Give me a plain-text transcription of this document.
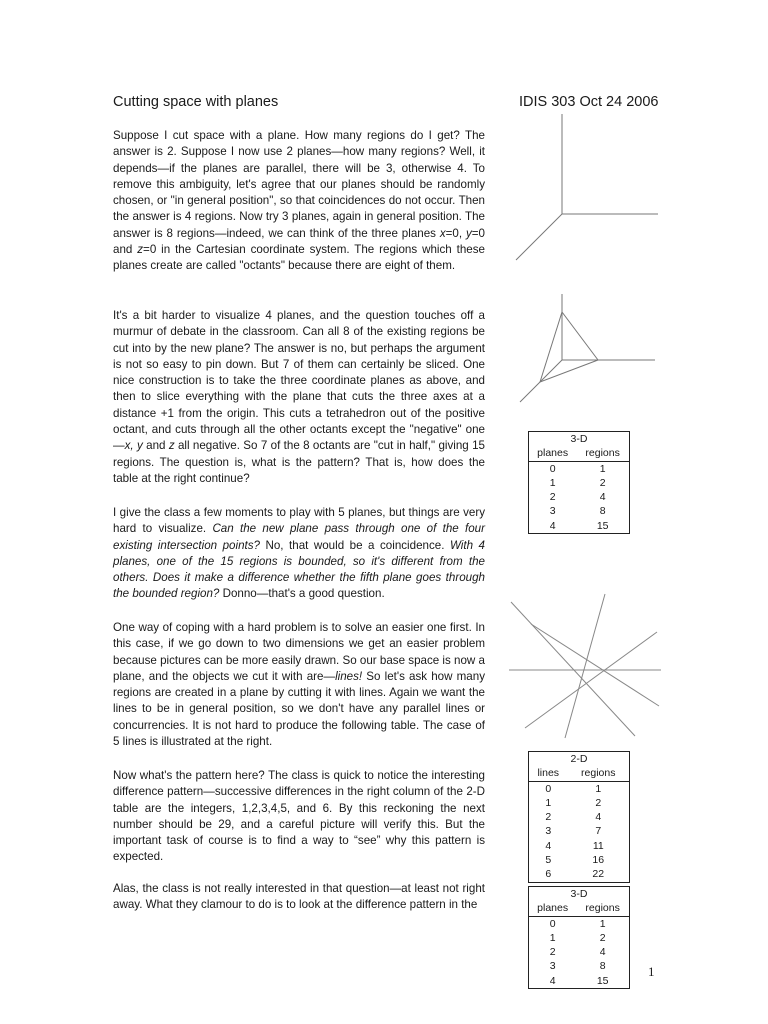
Cutting space with planes	IDIS 303 Oct 24 2006
Suppose I cut space with a plane. How many regions do I get? The answer is 2. Suppose I now use 2 planes—how many regions? Well, it depends—if the planes are parallel, there will be 3, otherwise 4. To remove this ambiguity, let's agree that our planes should be randomly chosen, or "in general position", so that coincidences do not occur. Then the answer is 4 regions. Now try 3 planes, again in general position. The answer is 8 regions—indeed, we can think of the three planes x=0, y=0 and z=0 in the Cartesian coordinate system. The regions which these planes create are called "octants" because there are eight of them.
It's a bit harder to visualize 4 planes, and the question touches off a murmur of debate in the classroom. Can all 8 of the existing regions be cut into by the new plane? The answer is no, but perhaps the argument is not so easy to pin down. But 7 of them can certainly be sliced. One nice construction is to take the three coordinate planes as above, and then to slice everything with the plane that cuts the three axes at a distance +1 from the origin. This cuts a tetrahedron out of the positive octant, and cuts through all the other octants except the "negative" one—x, y and z all negative. So 7 of the 8 octants are "cut in half," giving 15 regions. The question is, what is the pattern? That is, how does the table at the right continue?
I give the class a few moments to play with 5 planes, but things are very hard to visualize. Can the new plane pass through one of the four existing intersection points? No, that would be a coincidence. With 4 planes, one of the 15 regions is bounded, so it's different from the others. Does it make a difference whether the fifth plane goes through the bounded region? Donno—that's a good question.
One way of coping with a hard problem is to solve an easier one first. In this case, if we go down to two dimensions we get an easier problem because pictures can be more easily drawn. So our base space is now a plane, and the objects we cut it with are—lines! So let's ask how many regions are created in a plane by cutting it with lines. Again we want the lines to be in general position, so we don't have any parallel lines or concurrencies. It is not hard to produce the following table. The case of 5 lines is illustrated at the right.
Now what's the pattern here? The class is quick to notice the interesting difference pattern—successive differences in the right column of the 2-D table are the integers, 1,2,3,4,5, and 6. By this reckoning the next number should be 29, and a careful picture will verify this. But the important task of course is to find a way to “see” why this pattern is expected.
Alas, the class is not really interested in that question—at least not right away. What they clamour to do is to look at the difference pattern in the
3-D
planes	regions
0	1
1	2
2	4
3	8
4	15
2-D
lines	regions
0	1
1	2
2	4
3	7
4	11
5	16
6	22
3-D
planes	regions
0	1
1	2
2	4
3	8
4	15
1
